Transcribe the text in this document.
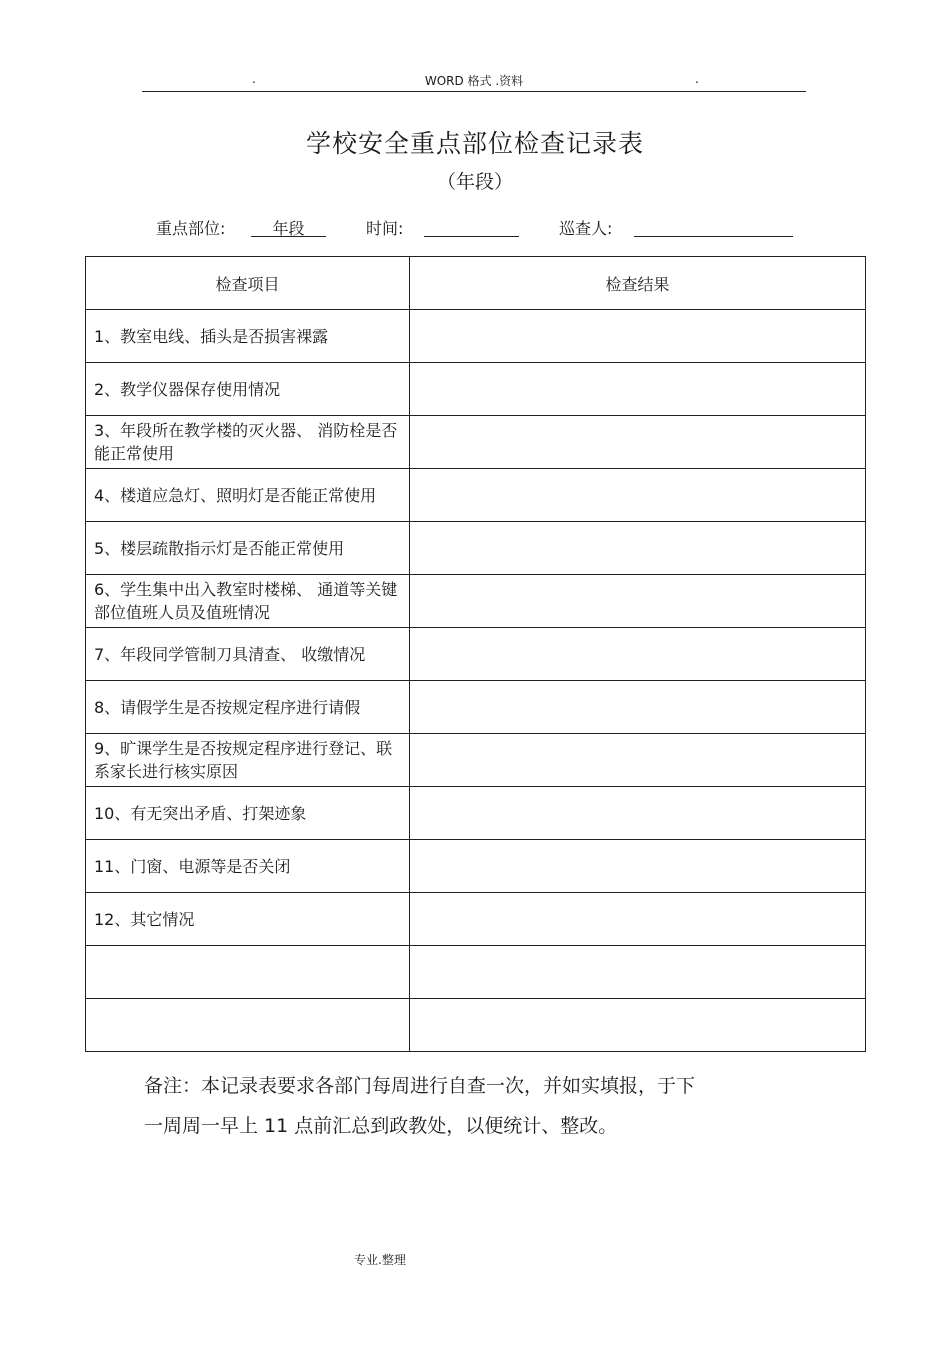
.	WORD 格式 .资料	.
学校安全重点部位检查记录表
（年段）
重点部位:	年段	时间:	巡查人:
检查项目	检查结果
1、教室电线、插头是否损害裸露	
2、教学仪器保存使用情况	
3、年段所在教学楼的灭火器、 消防栓是否能正常使用	
4、楼道应急灯、照明灯是否能正常使用	
5、楼层疏散指示灯是否能正常使用	
6、学生集中出入教室时楼梯、 通道等关键部位值班人员及值班情况	
7、年段同学管制刀具清查、 收缴情况	
8、请假学生是否按规定程序进行请假	
9、旷课学生是否按规定程序进行登记、联系家长进行核实原因	
10、有无突出矛盾、打架迹象	
11、门窗、电源等是否关闭	
12、其它情况	

备注：本记录表要求各部门每周进行自查一次，并如实填报，于下
一周周一早上 11 点前汇总到政教处，以便统计、整改。
专业.整理
